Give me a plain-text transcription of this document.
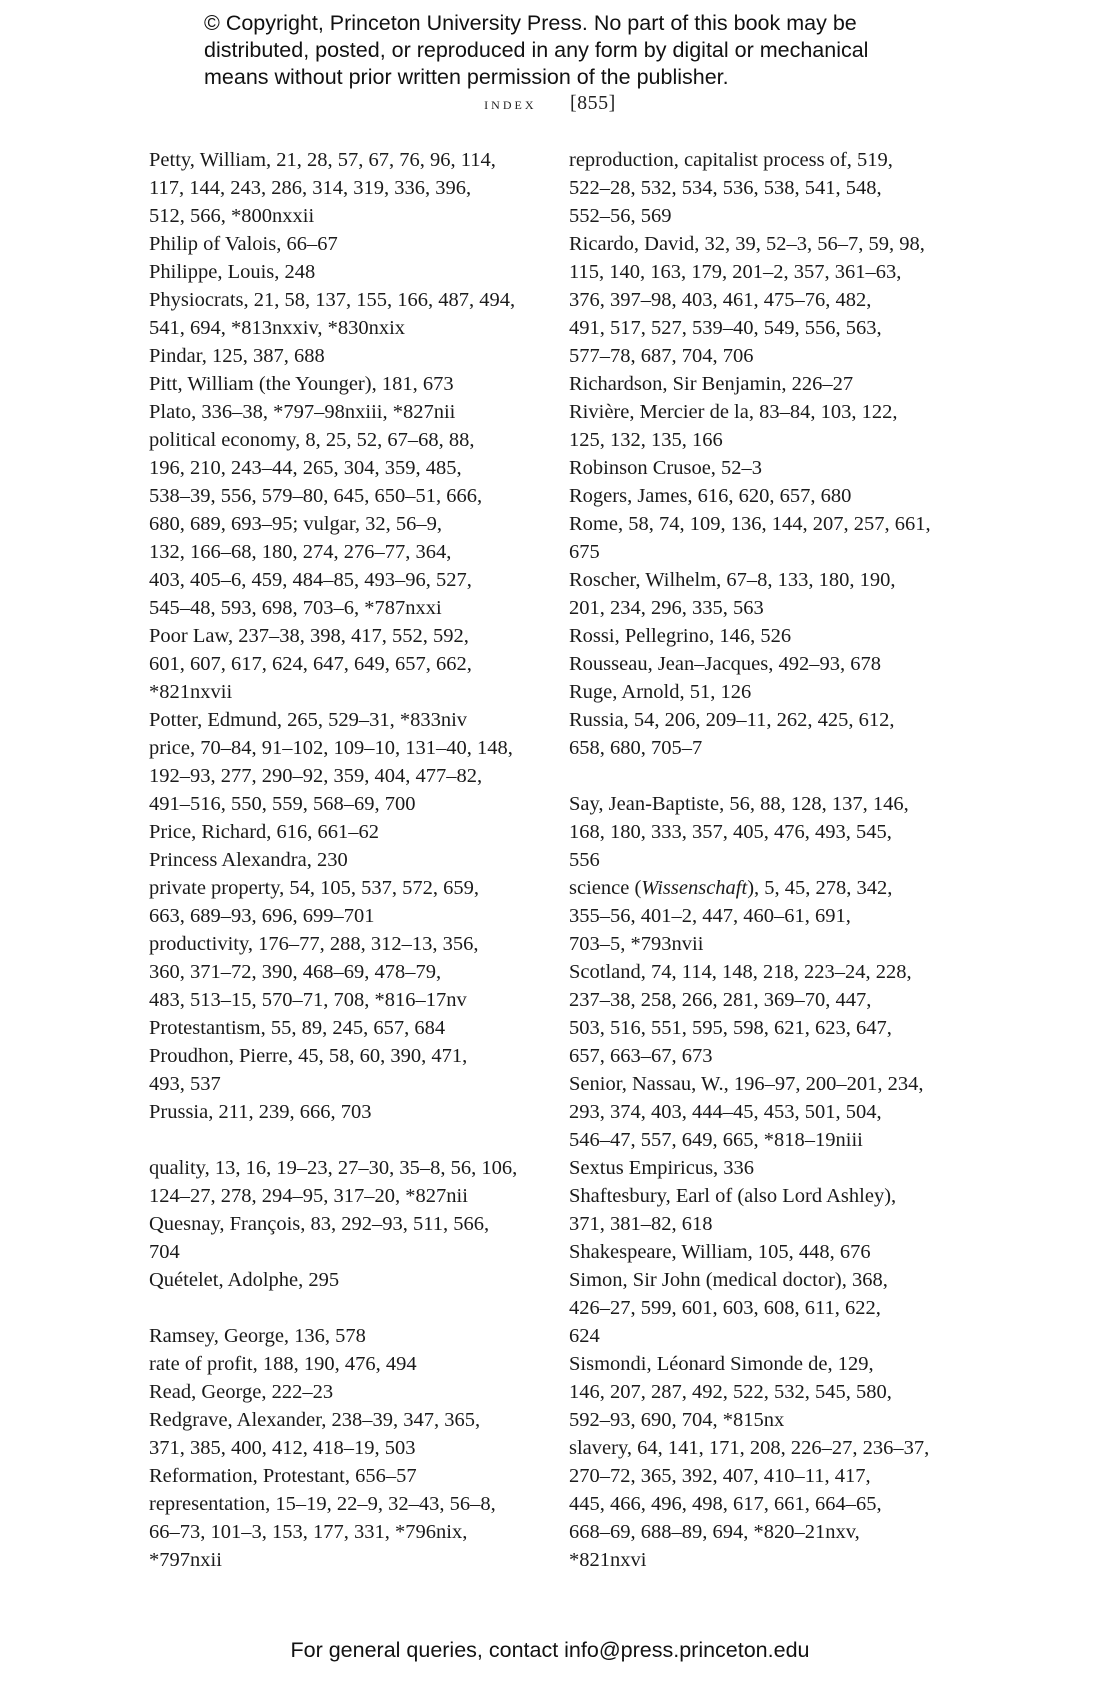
© Copyright, Princeton University Press. No part of this book may be
distributed, posted, or reproduced in any form by digital or mechanical
means without prior written permission of the publisher.
index [855]
Petty, William, 21, 28, 57, 67, 76, 96, 114,
117, 144, 243, 286, 314, 319, 336, 396,
512, 566, *800nxxii
Philip of Valois, 66–67
Philippe, Louis, 248
Physiocrats, 21, 58, 137, 155, 166, 487, 494,
541, 694, *813nxxiv, *830nxix
Pindar, 125, 387, 688
Pitt, William (the Younger), 181, 673
Plato, 336–38, *797–98nxiii, *827nii
political economy, 8, 25, 52, 67–68, 88,
196, 210, 243–44, 265, 304, 359, 485,
538–39, 556, 579–80, 645, 650–51, 666,
680, 689, 693–95; vulgar, 32, 56–9,
132, 166–68, 180, 274, 276–77, 364,
403, 405–6, 459, 484–85, 493–96, 527,
545–48, 593, 698, 703–6, *787nxxi
Poor Law, 237–38, 398, 417, 552, 592,
601, 607, 617, 624, 647, 649, 657, 662,
*821nxvii
Potter, Edmund, 265, 529–31, *833niv
price, 70–84, 91–102, 109–10, 131–40, 148,
192–93, 277, 290–92, 359, 404, 477–82,
491–516, 550, 559, 568–69, 700
Price, Richard, 616, 661–62
Princess Alexandra, 230
private property, 54, 105, 537, 572, 659,
663, 689–93, 696, 699–701
productivity, 176–77, 288, 312–13, 356,
360, 371–72, 390, 468–69, 478–79,
483, 513–15, 570–71, 708, *816–17nv
Protestantism, 55, 89, 245, 657, 684
Proudhon, Pierre, 45, 58, 60, 390, 471,
493, 537
Prussia, 211, 239, 666, 703
quality, 13, 16, 19–23, 27–30, 35–8, 56, 106,
124–27, 278, 294–95, 317–20, *827nii
Quesnay, François, 83, 292–93, 511, 566,
704
Quételet, Adolphe, 295
Ramsey, George, 136, 578
rate of profit, 188, 190, 476, 494
Read, George, 222–23
Redgrave, Alexander, 238–39, 347, 365,
371, 385, 400, 412, 418–19, 503
Reformation, Protestant, 656–57
representation, 15–19, 22–9, 32–43, 56–8,
66–73, 101–3, 153, 177, 331, *796nix,
*797nxii
reproduction, capitalist process of, 519,
522–28, 532, 534, 536, 538, 541, 548,
552–56, 569
Ricardo, David, 32, 39, 52–3, 56–7, 59, 98,
115, 140, 163, 179, 201–2, 357, 361–63,
376, 397–98, 403, 461, 475–76, 482,
491, 517, 527, 539–40, 549, 556, 563,
577–78, 687, 704, 706
Richardson, Sir Benjamin, 226–27
Rivière, Mercier de la, 83–84, 103, 122,
125, 132, 135, 166
Robinson Crusoe, 52–3
Rogers, James, 616, 620, 657, 680
Rome, 58, 74, 109, 136, 144, 207, 257, 661,
675
Roscher, Wilhelm, 67–8, 133, 180, 190,
201, 234, 296, 335, 563
Rossi, Pellegrino, 146, 526
Rousseau, Jean–Jacques, 492–93, 678
Ruge, Arnold, 51, 126
Russia, 54, 206, 209–11, 262, 425, 612,
658, 680, 705–7
Say, Jean-Baptiste, 56, 88, 128, 137, 146,
168, 180, 333, 357, 405, 476, 493, 545,
556
science (Wissenschaft), 5, 45, 278, 342,
355–56, 401–2, 447, 460–61, 691,
703–5, *793nvii
Scotland, 74, 114, 148, 218, 223–24, 228,
237–38, 258, 266, 281, 369–70, 447,
503, 516, 551, 595, 598, 621, 623, 647,
657, 663–67, 673
Senior, Nassau, W., 196–97, 200–201, 234,
293, 374, 403, 444–45, 453, 501, 504,
546–47, 557, 649, 665, *818–19niii
Sextus Empiricus, 336
Shaftesbury, Earl of (also Lord Ashley),
371, 381–82, 618
Shakespeare, William, 105, 448, 676
Simon, Sir John (medical doctor), 368,
426–27, 599, 601, 603, 608, 611, 622,
624
Sismondi, Léonard Simonde de, 129,
146, 207, 287, 492, 522, 532, 545, 580,
592–93, 690, 704, *815nx
slavery, 64, 141, 171, 208, 226–27, 236–37,
270–72, 365, 392, 407, 410–11, 417,
445, 466, 496, 498, 617, 661, 664–65,
668–69, 688–89, 694, *820–21nxv,
*821nxvi
For general queries, contact info@press.princeton.edu
